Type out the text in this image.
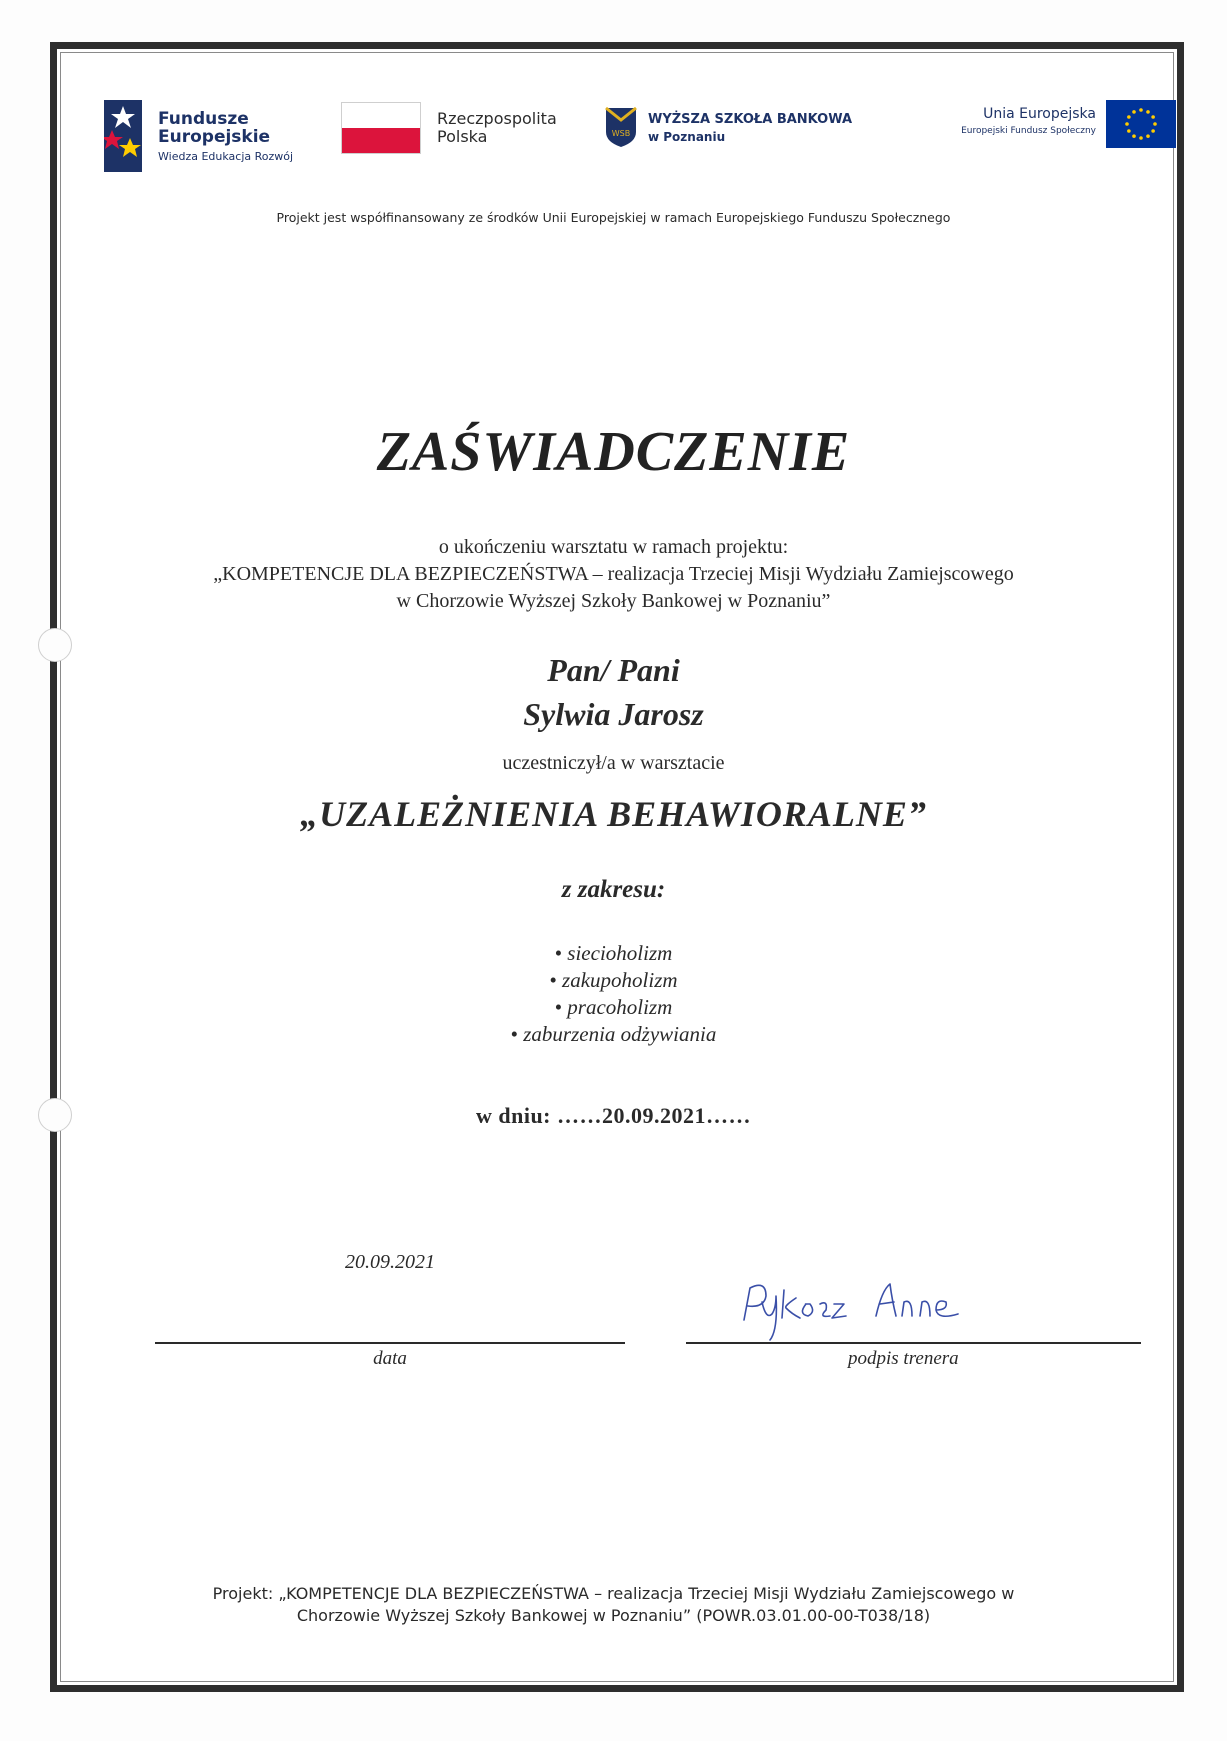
Fundusze
Europejskie
Wiedza Edukacja Rozwój
Rzeczpospolita
Polska	WSB
WYŻSZA SZKOŁA BANKOWA
w Poznaniu
Unia Europejska
Europejski Fundusz Społeczny
Projekt jest współfinansowany ze środków Unii Europejskiej w ramach Europejskiego Funduszu Społecznego
ZAŚWIADCZENIE
o ukończeniu warsztatu w ramach projektu:
„KOMPETENCJE DLA BEZPIECZEŃSTWA – realizacja Trzeciej Misji Wydziału Zamiejscowego
w Chorzowie Wyższej Szkoły Bankowej w Poznaniu”
Pan/ Pani
Sylwia Jarosz
uczestniczył/a w warsztacie
„UZALEŻNIENIA BEHAWIORALNE”
z zakresu:
• siecioholizm
• zakupoholizm
• pracoholizm
• zaburzenia odżywiania
w dniu: ……20.09.2021……
20.09.2021
data	podpis trenera
Projekt: „KOMPETENCJE DLA BEZPIECZEŃSTWA – realizacja Trzeciej Misji Wydziału Zamiejscowego w
Chorzowie Wyższej Szkoły Bankowej w Poznaniu” (POWR.03.01.00-00-T038/18)
